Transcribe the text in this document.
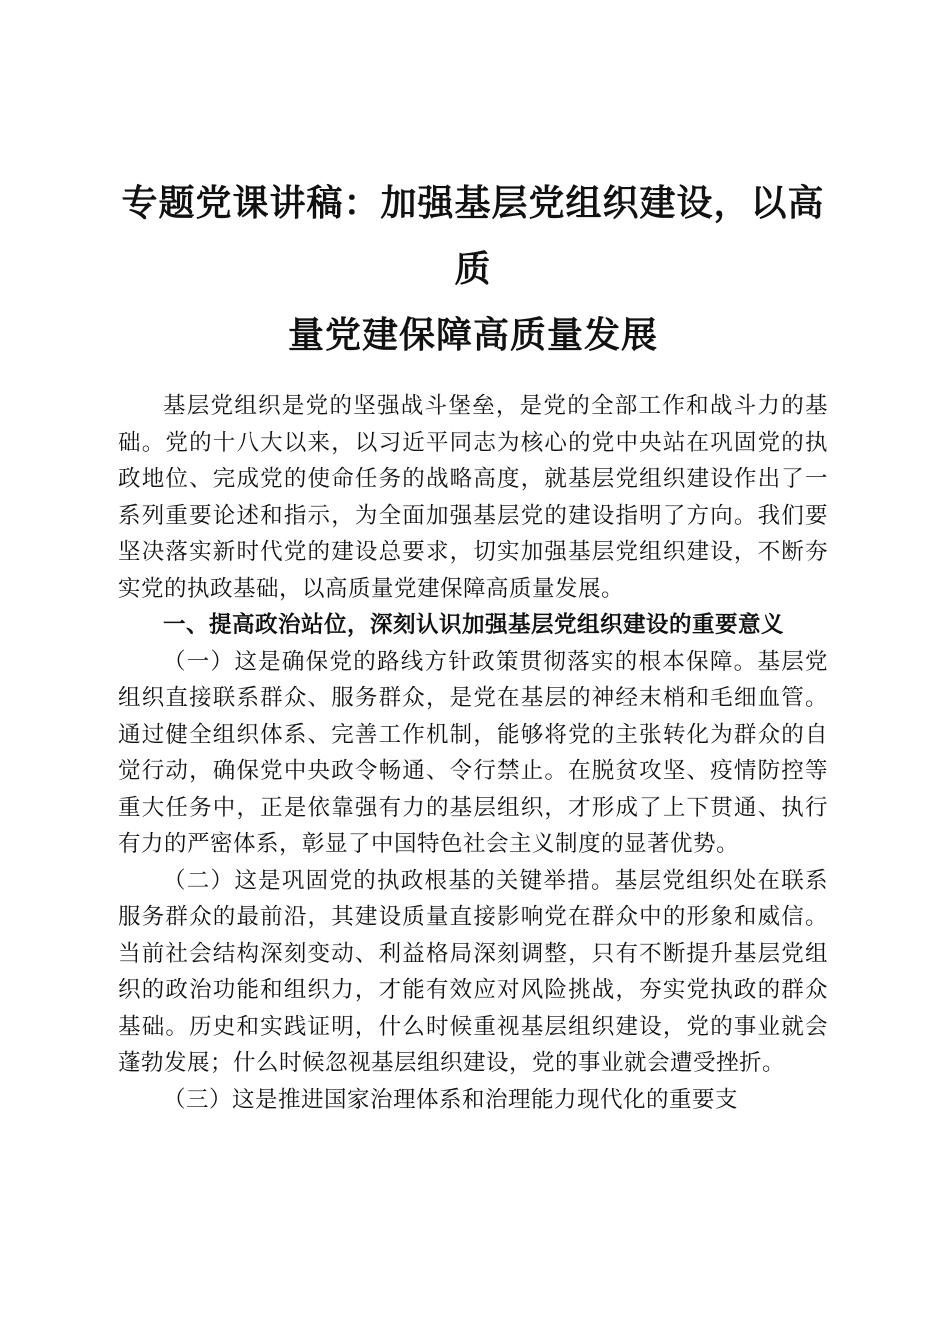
专题党课讲稿：加强基层党组织建设，以高质
量党建保障高质量发展

基层党组织是党的坚强战斗堡垒，是党的全部工作和战斗力的基础。党的十八大以来，以习近平同志为核心的党中央站在巩固党的执政地位、完成党的使命任务的战略高度，就基层党组织建设作出了一系列重要论述和指示，为全面加强基层党的建设指明了方向。我们要坚决落实新时代党的建设总要求，切实加强基层党组织建设，不断夯实党的执政基础，以高质量党建保障高质量发展。

一、提高政治站位，深刻认识加强基层党组织建设的重要意义

（一）这是确保党的路线方针政策贯彻落实的根本保障。基层党组织直接联系群众、服务群众，是党在基层的神经末梢和毛细血管。通过健全组织体系、完善工作机制，能够将党的主张转化为群众的自觉行动，确保党中央政令畅通、令行禁止。在脱贫攻坚、疫情防控等重大任务中，正是依靠强有力的基层组织，才形成了上下贯通、执行有力的严密体系，彰显了中国特色社会主义制度的显著优势。

（二）这是巩固党的执政根基的关键举措。基层党组织处在联系服务群众的最前沿，其建设质量直接影响党在群众中的形象和威信。当前社会结构深刻变动、利益格局深刻调整，只有不断提升基层党组织的政治功能和组织力，才能有效应对风险挑战，夯实党执政的群众基础。历史和实践证明，什么时候重视基层组织建设，党的事业就会蓬勃发展；什么时候忽视基层组织建设，党的事业就会遭受挫折。

（三）这是推进国家治理体系和治理能力现代化的重要支
